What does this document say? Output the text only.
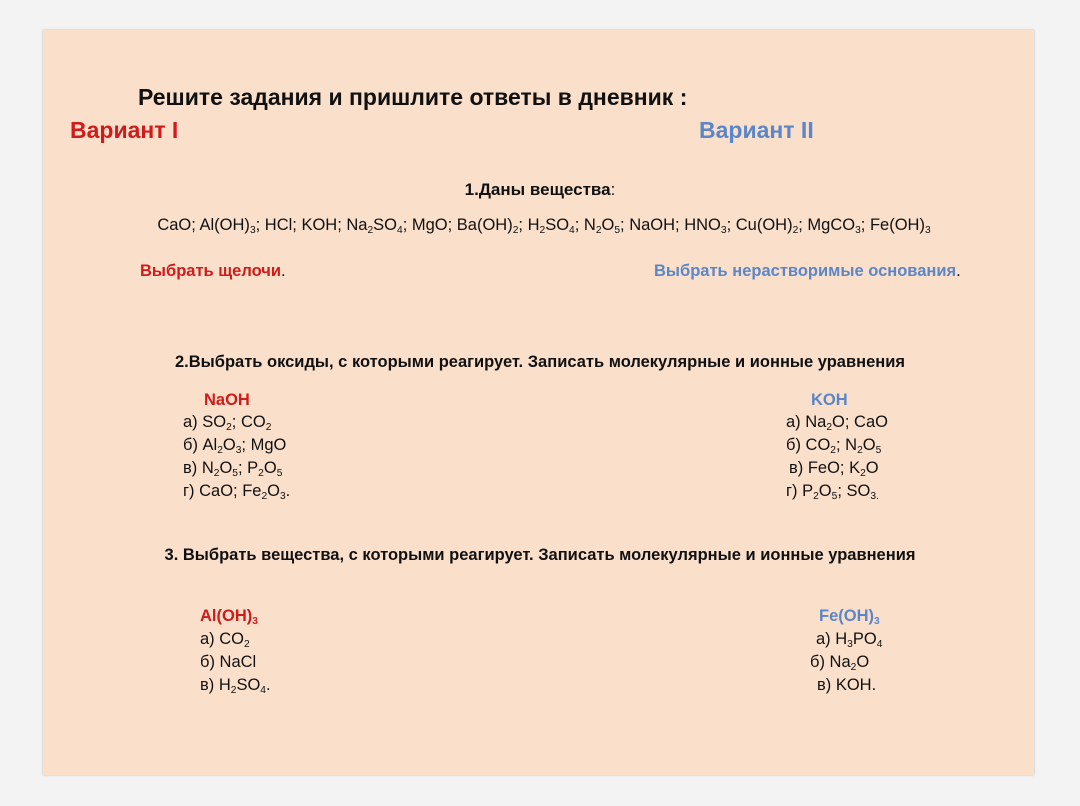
Решите задания и пришлите ответы в дневник :
Вариант I	Вариант II
1.Даны вещества:
CaO; $Al(OH)_3$; HCl; KOH; $Na_2SO_4$; MgO; $Ba(OH)_2$; $H_2SO_4$; $N_2O_5$; NaOH; $HNO_3$; $Cu(OH)_2$; MgCO$_3$; $Fe(OH)_3$
Выбрать щелочи.	Выбрать нерастворимые основания.
2.Выбрать оксиды, с которыми реагирует. Записать молекулярные и ионные уравнения
NaOH
а) $SO_2$; $CO_2$
б) $Al_2O_3$; MgO
в) $N_2O_5$; $P_2O_5$
г) CaO; $Fe_2O_3$.
KOH
а) $Na_2O$; CaO
б) $CO_2$; $N_2O_5$
в) FeO; $K_2O$
г) $P_2O_5$; $SO_{3.}$
3. Выбрать вещества, с которыми реагирует. Записать молекулярные и ионные уравнения
$Al(OH)_3$
а) $CO_2$
б) NaCl
в) $H_2SO_4$.
$Fe(OH)_3$
а) $H_3PO_4$
б) $Na_2O$
в) KOH.
